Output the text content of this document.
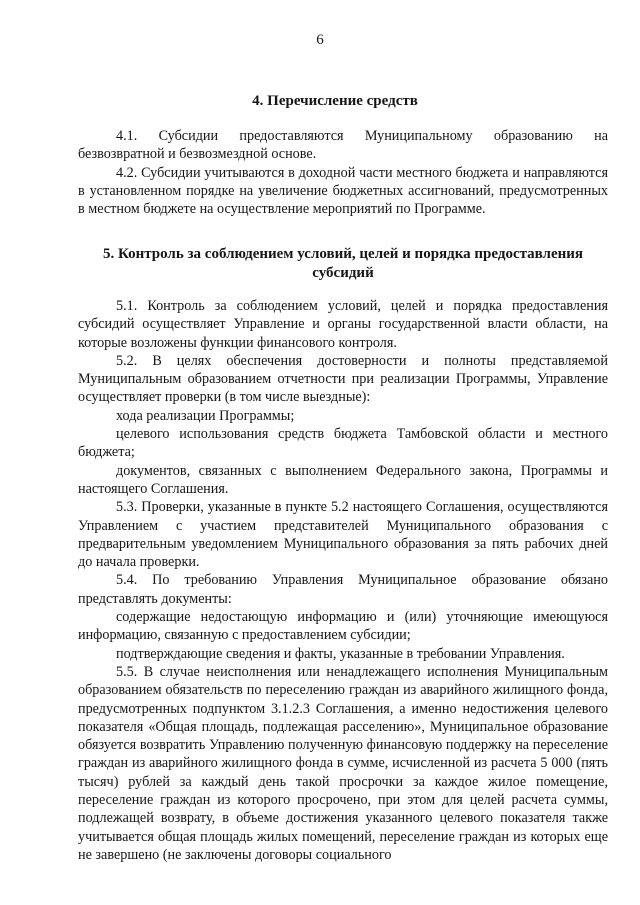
6
4. Перечисление средств

4.1. Субсидии предоставляются Муниципальному образованию на безвозвратной и безвозмездной основе.

4.2. Субсидии учитываются в доходной части местного бюджета и направляются в установленном порядке на увеличение бюджетных ассигнований, предусмотренных в местном бюджете на осуществление мероприятий по Программе.

5. Контроль за соблюдением условий, целей и порядка предоставления субсидий

5.1. Контроль за соблюдением условий, целей и порядка предоставления субсидий осуществляет Управление и органы государственной власти области, на которые возложены функции финансового контроля.

5.2. В целях обеспечения достоверности и полноты представляемой Муниципальным образованием отчетности при реализации Программы, Управление осуществляет проверки (в том числе выездные):

хода реализации Программы;

целевого использования средств бюджета Тамбовской области и местного бюджета;

документов, связанных с выполнением Федерального закона, Программы и настоящего Соглашения.

5.3. Проверки, указанные в пункте 5.2 настоящего Соглашения, осуществляются Управлением с участием представителей Муниципального образования с предварительным уведомлением Муниципального образования за пять рабочих дней до начала проверки.

5.4. По требованию Управления Муниципальное образование обязано представлять документы:

содержащие недостающую информацию и (или) уточняющие имеющуюся информацию, связанную с предоставлением субсидии;

подтверждающие сведения и факты, указанные в требовании Управления.

5.5. В случае неисполнения или ненадлежащего исполнения Муниципальным образованием обязательств по переселению граждан из аварийного жилищного фонда, предусмотренных подпунктом 3.1.2.3 Соглашения, а именно недостижения целевого показателя «Общая площадь, подлежащая расселению», Муниципальное образование обязуется возвратить Управлению полученную финансовую поддержку на переселение граждан из аварийного жилищного фонда в сумме, исчисленной из расчета 5 000 (пять тысяч) рублей за каждый день такой просрочки за каждое жилое помещение, переселение граждан из которого просрочено, при этом для целей расчета суммы, подлежащей возврату, в объеме достижения указанного целевого показателя также учитывается общая площадь жилых помещений, переселение граждан из которых еще не завершено (не заключены договоры социального
